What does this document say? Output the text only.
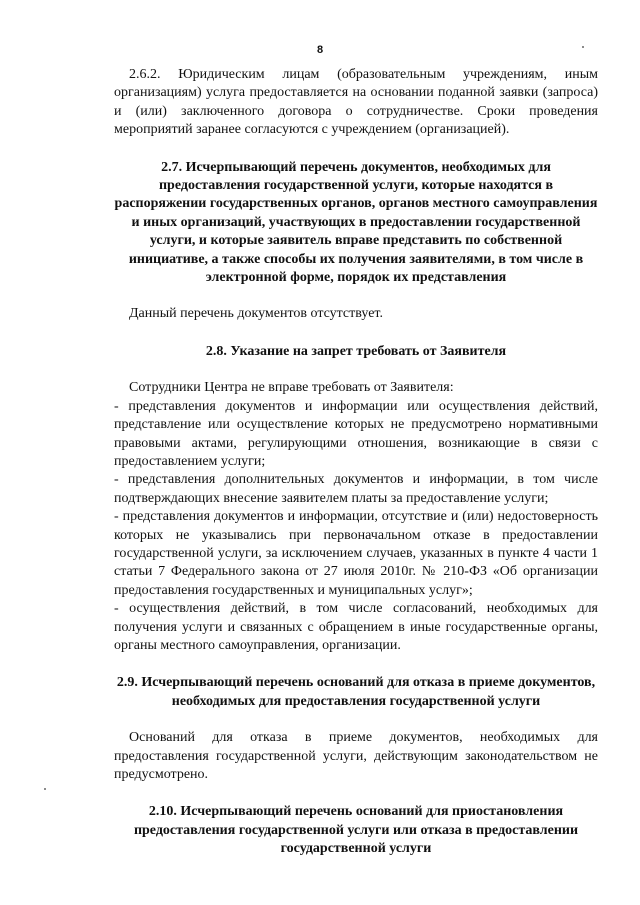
8

2.6.2. Юридическим лицам (образовательным учреждениям, иным организациям) услуга предоставляется на основании поданной заявки (запроса) и (или) заключенного договора о сотрудничестве. Сроки проведения мероприятий заранее согласуются с учреждением (организацией).

2.7. Исчерпывающий перечень документов, необходимых для предоставления государственной услуги, которые находятся в распоряжении государственных органов, органов местного самоуправления и иных организаций, участвующих в предоставлении государственной услуги, и которые заявитель вправе представить по собственной инициативе, а также способы их получения заявителями, в том числе в электронной форме, порядок их представления

Данный перечень документов отсутствует.

2.8. Указание на запрет требовать от Заявителя

Сотрудники Центра не вправе требовать от Заявителя:

- представления документов и информации или осуществления действий, представление или осуществление которых не предусмотрено нормативными правовыми актами, регулирующими отношения, возникающие в связи с предоставлением услуги;

- представления дополнительных документов и информации, в том числе подтверждающих внесение заявителем платы за предоставление услуги;

- представления документов и информации, отсутствие и (или) недостоверность которых не указывались при первоначальном отказе в предоставлении государственной услуги, за исключением случаев, указанных в пункте 4 части 1 статьи 7 Федерального закона от 27 июля 2010г. № 210-ФЗ «Об организации предоставления государственных и муниципальных услуг»;

- осуществления действий, в том числе согласований, необходимых для получения услуги и связанных с обращением в иные государственные органы, органы местного самоуправления, организации.

2.9. Исчерпывающий перечень оснований для отказа в приеме документов, необходимых для предоставления государственной услуги

Оснований для отказа в приеме документов, необходимых для предоставления государственной услуги, действующим законодательством не предусмотрено.

2.10. Исчерпывающий перечень оснований для приостановления предоставления государственной услуги или отказа в предоставлении государственной услуги
